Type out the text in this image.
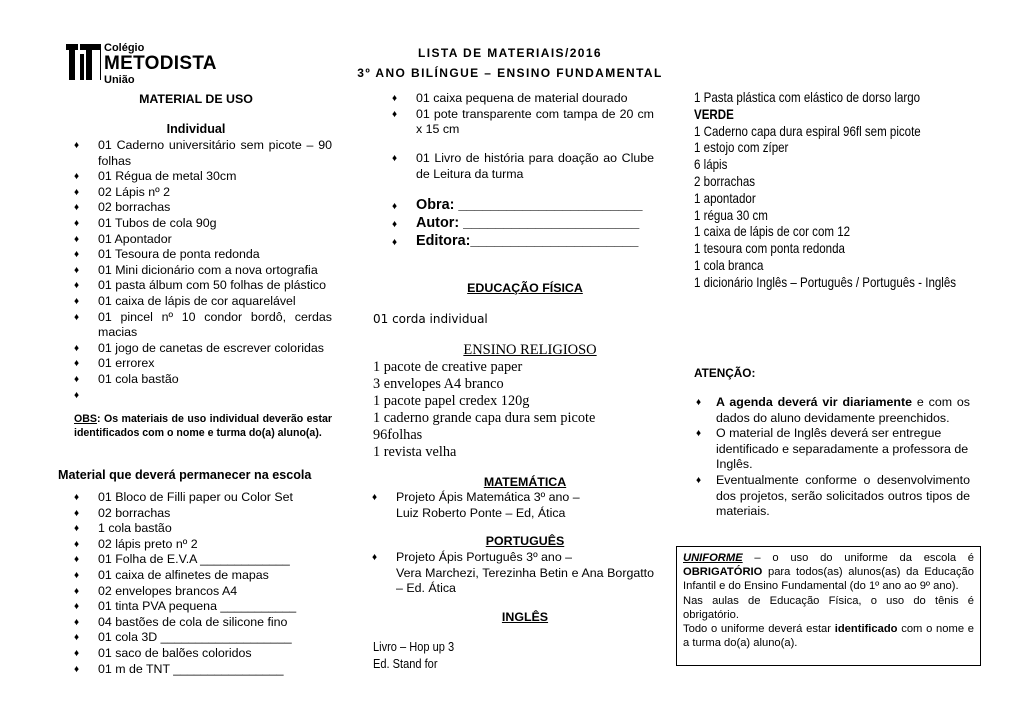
Colégio
METODISTA
União
LISTA DE MATERIAIS/2016
3º ANO BILÍNGUE – ENSINO FUNDAMENTAL
MATERIAL DE USO
Individual
♦ 01 Caderno universitário sem picote – 90 folhas
♦ 01 Régua de metal 30cm
♦ 02 Lápis nº 2
♦ 02 borrachas
♦ 01 Tubos de cola 90g
♦ 01 Apontador
♦ 01 Tesoura de ponta redonda
♦ 01 Mini dicionário com a nova ortografia
♦ 01 pasta álbum com 50 folhas de plástico
♦ 01 caixa de lápis de cor aquarelável
♦ 01 pincel nº 10 condor bordô, cerdas macias
♦ 01 jogo de canetas de escrever coloridas
♦ 01 errorex
♦ 01 cola bastão
♦
OBS: Os materiais de uso individual deverão estar identificados com o nome e turma do(a) aluno(a).
Material que deverá permanecer na escola
♦ 01 Bloco de Filli paper ou Color Set
♦ 02 borrachas
♦ 1 cola bastão
♦ 02 lápis preto nº 2
♦ 01 Folha de E.V.A _____________
♦ 01 caixa de alfinetes de mapas
♦ 02 envelopes brancos A4
♦ 01 tinta PVA pequena ___________
♦ 04 bastões de cola de silicone fino
♦ 01 cola 3D ___________________
♦ 01 saco de balões coloridos
♦ 01 m de TNT ________________
♦ 01 caixa pequena de material dourado
♦ 01 pote transparente com tampa de 20 cm x 15 cm
♦ 01 Livro de história para doação ao Clube de Leitura da turma
♦ Obra: _______________________
♦ Autor: ______________________
♦ Editora:_____________________
EDUCAÇÃO FÍSICA
01 corda individual
ENSINO RELIGIOSO
1 pacote de creative paper
3 envelopes A4 branco
1 pacote papel credex 120g
1 caderno grande capa dura sem picote
96folhas
1 revista velha
MATEMÁTICA
♦ Projeto Ápis Matemática 3º ano –
Luiz Roberto Ponte – Ed, Ática
PORTUGUÊS
♦ Projeto Ápis Português 3º ano –
Vera Marchezi, Terezinha Betin e Ana Borgatto – Ed. Ática
INGLÊS
Livro – Hop up 3
Ed. Stand for
1 Pasta plástica com elástico de dorso largo
VERDE
1 Caderno capa dura espiral 96fl sem picote
1 estojo com zíper
6 lápis
2 borrachas
1 apontador
1 régua 30 cm
1 caixa de lápis de cor com 12
1 tesoura com ponta redonda
1 cola branca
1 dicionário Inglês – Português / Português - Inglês
ATENÇÃO:
♦ A agenda deverá vir diariamente e com os dados do aluno devidamente preenchidos.
♦ O material de Inglês deverá ser entregue identificado e separadamente a professora de Inglês.
♦ Eventualmente conforme o desenvolvimento dos projetos, serão solicitados outros tipos de materiais.
UNIFORME – o uso do uniforme da escola é OBRIGATÓRIO para todos(as) alunos(as) da Educação Infantil e do Ensino Fundamental (do 1º ano ao 9º ano).
Nas aulas de Educação Física, o uso do tênis é obrigatório.
Todo o uniforme deverá estar identificado com o nome e a turma do(a) aluno(a).
